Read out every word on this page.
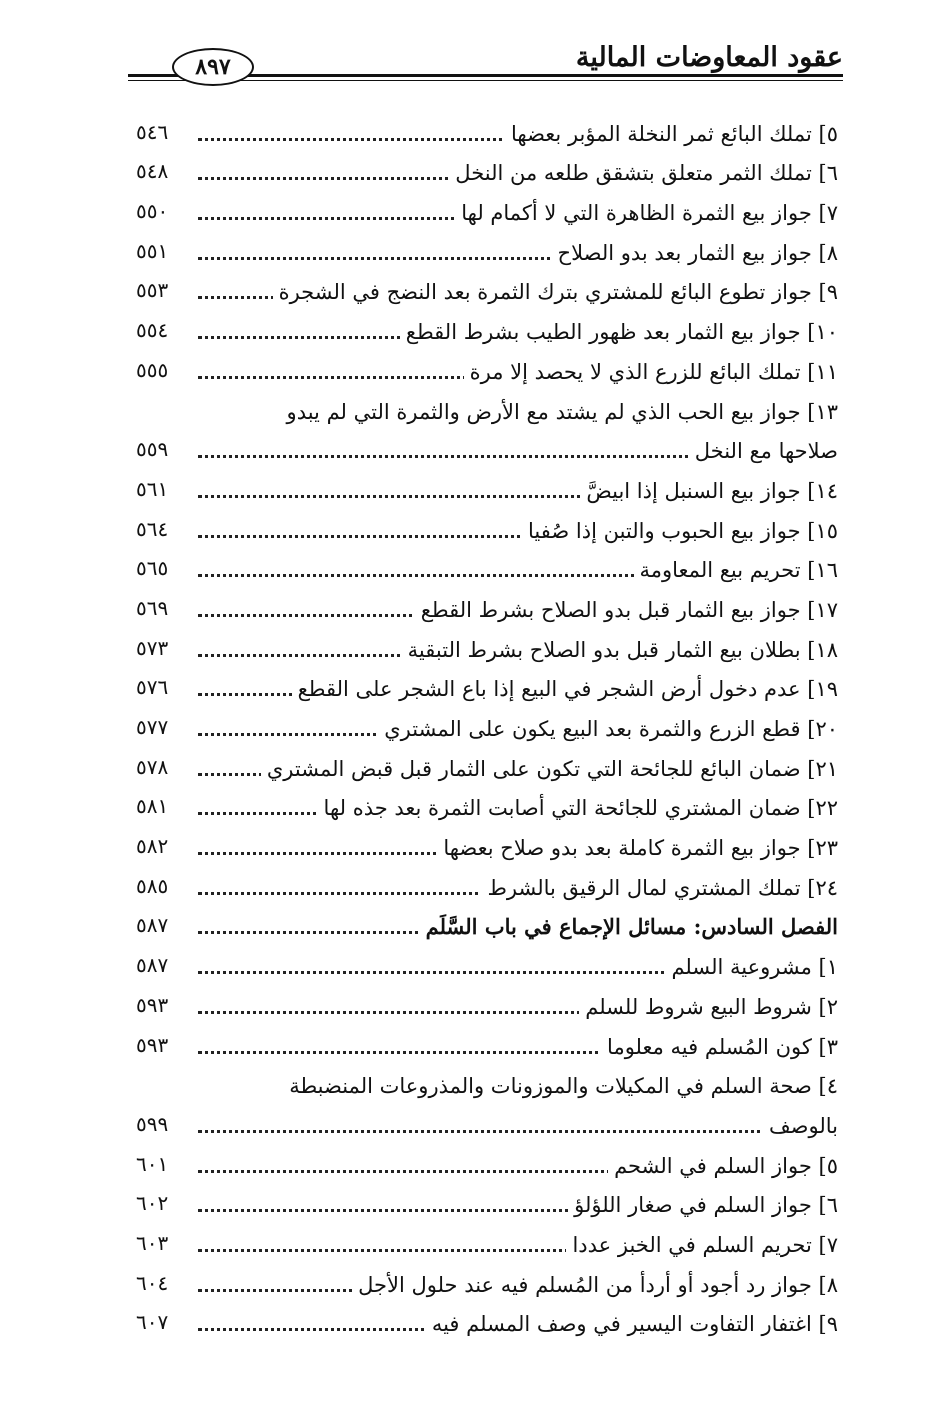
عقود المعاوضات المالية
٨٩٧
٥] تملك البائع ثمر النخلة المؤبر بعضها
٥٤٦
٦] تملك الثمر متعلق بتشقق طلعه من النخل
٥٤٨
٧] جواز بيع الثمرة الظاهرة التي لا أكمام لها
٥٥٠
٨] جواز بيع الثمار بعد بدو الصلاح
٥٥١
٩] جواز تطوع البائع للمشتري بترك الثمرة بعد النضج في الشجرة
٥٥٣
١٠] جواز بيع الثمار بعد ظهور الطيب بشرط القطع
٥٥٤
١١] تملك البائع للزرع الذي لا يحصد إلا مرة
٥٥٥
١٣] جواز بيع الحب الذي لم يشتد مع الأرض والثمرة التي لم يبدو
صلاحها مع النخل
٥٥٩
١٤] جواز بيع السنبل إذا ابيضَّ
٥٦١
١٥] جواز بيع الحبوب والتبن إذا صُفيا
٥٦٤
١٦] تحريم بيع المعاومة
٥٦٥
١٧] جواز بيع الثمار قبل بدو الصلاح بشرط القطع
٥٦٩
١٨] بطلان بيع الثمار قبل بدو الصلاح بشرط التبقية
٥٧٣
١٩] عدم دخول أرض الشجر في البيع إذا باع الشجر على القطع
٥٧٦
٢٠] قطع الزرع والثمرة بعد البيع يكون على المشتري
٥٧٧
٢١] ضمان البائع للجائحة التي تكون على الثمار قبل قبض المشتري
٥٧٨
٢٢] ضمان المشتري للجائحة التي أصابت الثمرة بعد جذه لها
٥٨١
٢٣] جواز بيع الثمرة كاملة بعد بدو صلاح بعضها
٥٨٢
٢٤] تملك المشتري لمال الرقيق بالشرط
٥٨٥
الفصل السادس: مسائل الإجماع في باب السَّلَم
٥٨٧
١] مشروعية السلم
٥٨٧
٢] شروط البيع شروط للسلم
٥٩٣
٣] كون المُسلم فيه معلوما
٥٩٣
٤] صحة السلم في المكيلات والموزونات والمذروعات المنضبطة
بالوصف
٥٩٩
٥] جواز السلم في الشحم
٦٠١
٦] جواز السلم في صغار اللؤلؤ
٦٠٢
٧] تحريم السلم في الخبز عددا
٦٠٣
٨] جواز رد أجود أو أردأ من المُسلم فيه عند حلول الأجل
٦٠٤
٩] اغتفار التفاوت اليسير في وصف المسلم فيه
٦٠٧
